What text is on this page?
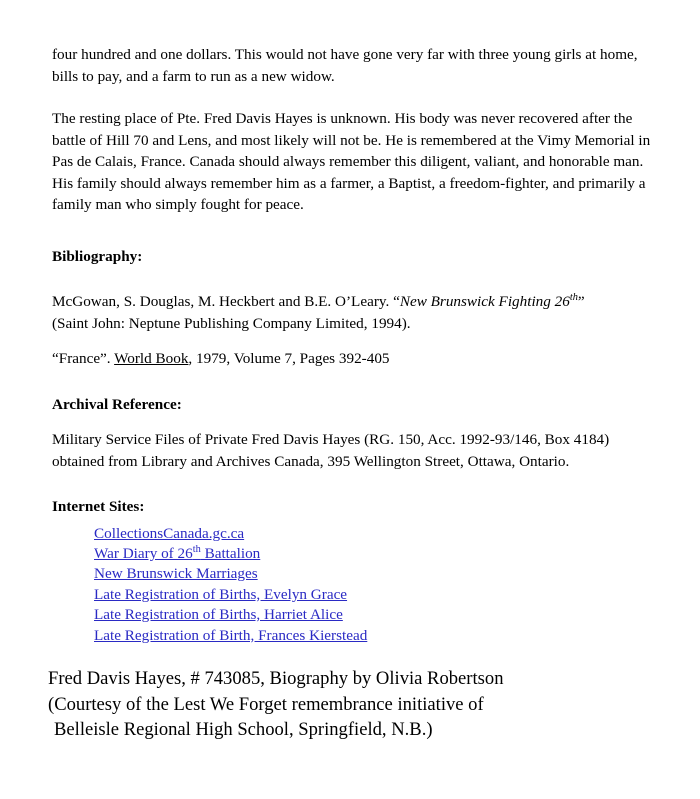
four hundred and one dollars. This would not have gone very far with three young girls at home, bills to pay, and a farm to run as a new widow.

The resting place of Pte. Fred Davis Hayes is unknown. His body was never recovered after the battle of Hill 70 and Lens, and most likely will not be. He is remembered at the Vimy Memorial in Pas de Calais, France. Canada should always remember this diligent, valiant, and honorable man. His family should always remember him as a farmer, a Baptist, a freedom-fighter, and primarily a family man who simply fought for peace.

Bibliography:
McGowan, S. Douglas, M. Heckbert and B.E. O’Leary. “New Brunswick Fighting 26th”
(Saint John: Neptune Publishing Company Limited, 1994).
“France”. World Book, 1979, Volume 7, Pages 392-405
Archival Reference:
Military Service Files of Private Fred Davis Hayes (RG. 150, Acc. 1992-93/146, Box 4184)
obtained from Library and Archives Canada, 395 Wellington Street, Ottawa, Ontario.
Internet Sites:
CollectionsCanada.gc.ca
War Diary of 26th Battalion
New Brunswick Marriages
Late Registration of Births, Evelyn Grace
Late Registration of Births, Harriet Alice
Late Registration of Birth, Frances Kierstead
Fred Davis Hayes, # 743085, Biography by Olivia Robertson
(Courtesy of the Lest We Forget remembrance initiative of
Belleisle Regional High School, Springfield, N.B.)
